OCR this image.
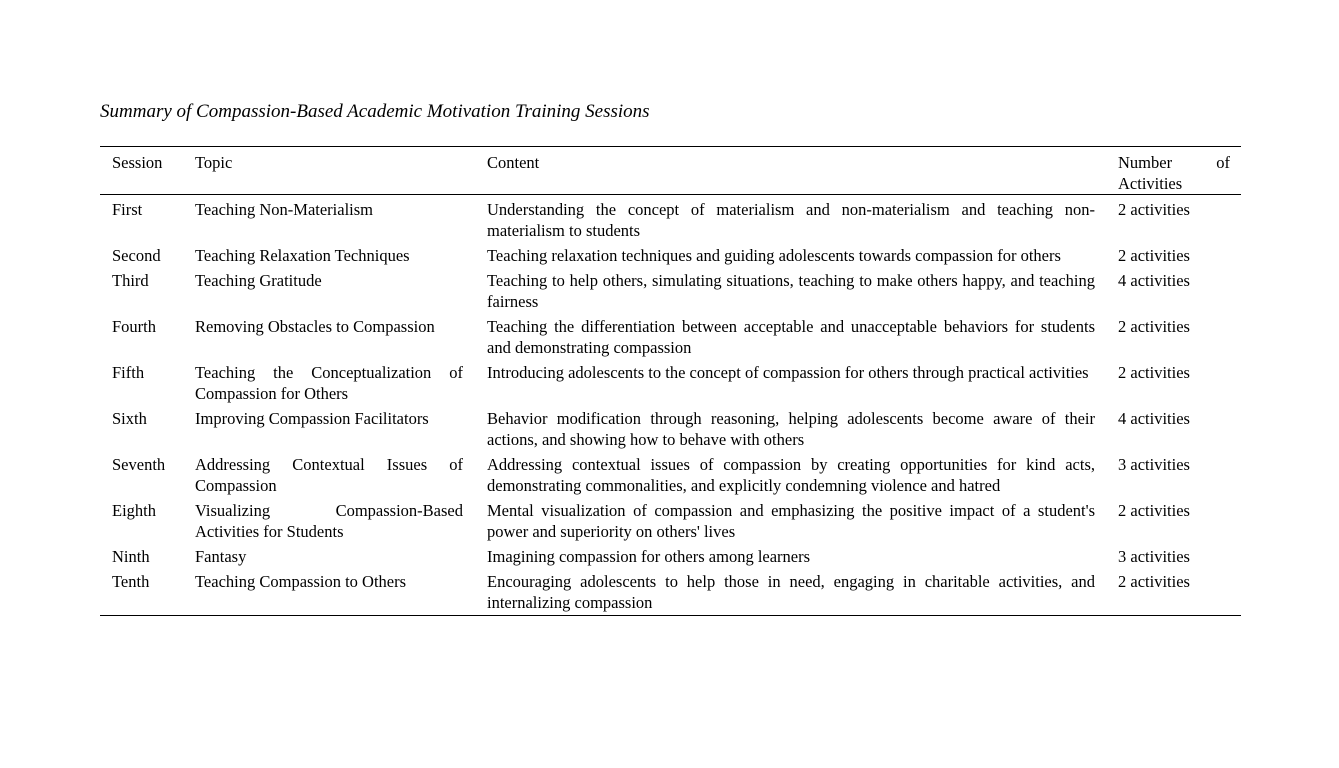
Summary of Compassion-Based Academic Motivation Training Sessions
Session	Topic	Content	Number of
Activities

First	Teaching Non-Materialism	Understanding the concept of materialism and non-materialism and teaching non-materialism to students	2 activities
Second	Teaching Relaxation Techniques	Teaching relaxation techniques and guiding adolescents towards compassion for others	2 activities
Third	Teaching Gratitude	Teaching to help others, simulating situations, teaching to make others happy, and teaching fairness	4 activities
Fourth	Removing Obstacles to Compassion	Teaching the differentiation between acceptable and unacceptable behaviors for students and demonstrating compassion	2 activities
Fifth	Teaching the Conceptualization of Compassion for Others	Introducing adolescents to the concept of compassion for others through practical activities	2 activities
Sixth	Improving Compassion Facilitators	Behavior modification through reasoning, helping adolescents become aware of their actions, and showing how to behave with others	4 activities
Seventh	Addressing Contextual Issues of Compassion	Addressing contextual issues of compassion by creating opportunities for kind acts, demonstrating commonalities, and explicitly condemning violence and hatred	3 activities
Eighth	Visualizing Compassion-Based Activities for Students	Mental visualization of compassion and emphasizing the positive impact of a student's power and superiority on others' lives	2 activities
Ninth	Fantasy	Imagining compassion for others among learners	3 activities
Tenth	Teaching Compassion to Others	Encouraging adolescents to help those in need, engaging in charitable activities, and internalizing compassion	2 activities
